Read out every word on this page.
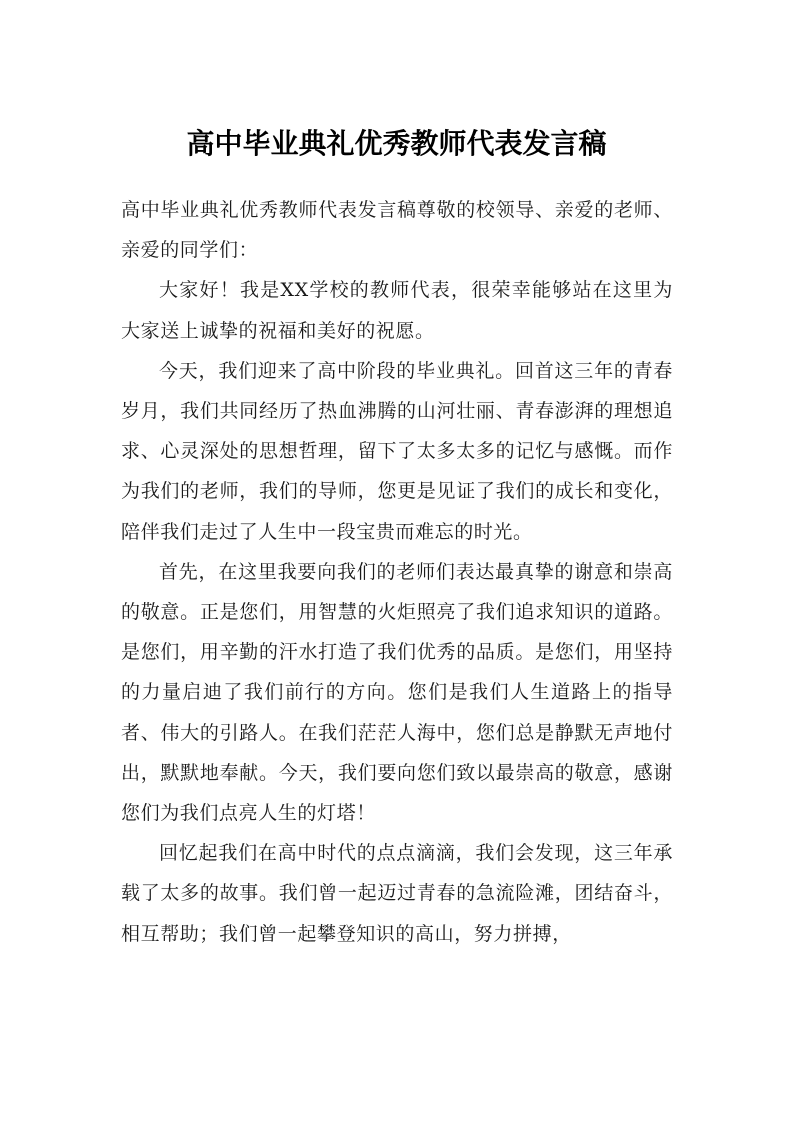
高中毕业典礼优秀教师代表发言稿

高中毕业典礼优秀教师代表发言稿尊敬的校领导、亲爱的老师、亲爱的同学们：

大家好！我是XX学校的教师代表，很荣幸能够站在这里为大家送上诚挚的祝福和美好的祝愿。

今天，我们迎来了高中阶段的毕业典礼。回首这三年的青春岁月，我们共同经历了热血沸腾的山河壮丽、青春澎湃的理想追求、心灵深处的思想哲理，留下了太多太多的记忆与感慨。而作为我们的老师，我们的导师，您更是见证了我们的成长和变化，陪伴我们走过了人生中一段宝贵而难忘的时光。

首先，在这里我要向我们的老师们表达最真挚的谢意和崇高的敬意。正是您们，用智慧的火炬照亮了我们追求知识的道路。是您们，用辛勤的汗水打造了我们优秀的品质。是您们，用坚持的力量启迪了我们前行的方向。您们是我们人生道路上的指导者、伟大的引路人。在我们茫茫人海中，您们总是静默无声地付出，默默地奉献。今天，我们要向您们致以最崇高的敬意，感谢您们为我们点亮人生的灯塔！

回忆起我们在高中时代的点点滴滴，我们会发现，这三年承载了太多的故事。我们曾一起迈过青春的急流险滩，团结奋斗，相互帮助；我们曾一起攀登知识的高山，努力拼搏，
